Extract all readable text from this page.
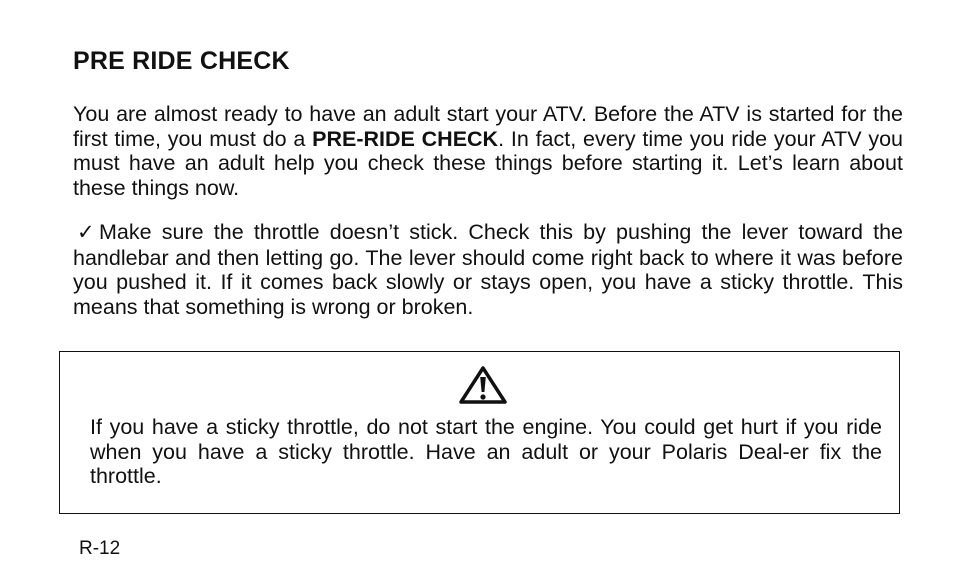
PRE RIDE CHECK

You are almost ready to have an adult start your ATV. Before the ATV is started for the first time, you must do a PRE-RIDE CHECK. In fact, every time you ride your ATV you must have an adult help you check these things before starting it. Let’s learn about these things now.

✓ Make sure the throttle doesn’t stick. Check this by pushing the lever toward the handlebar and then letting go. The lever should come right back to where it was before you pushed it. If it comes back slowly or stays open, you have a sticky throttle. This means that something is wrong or broken.

If you have a sticky throttle, do not start the engine. You could get hurt if you ride when you have a sticky throttle. Have an adult or your Polaris Deal-er fix the throttle.

R-12
